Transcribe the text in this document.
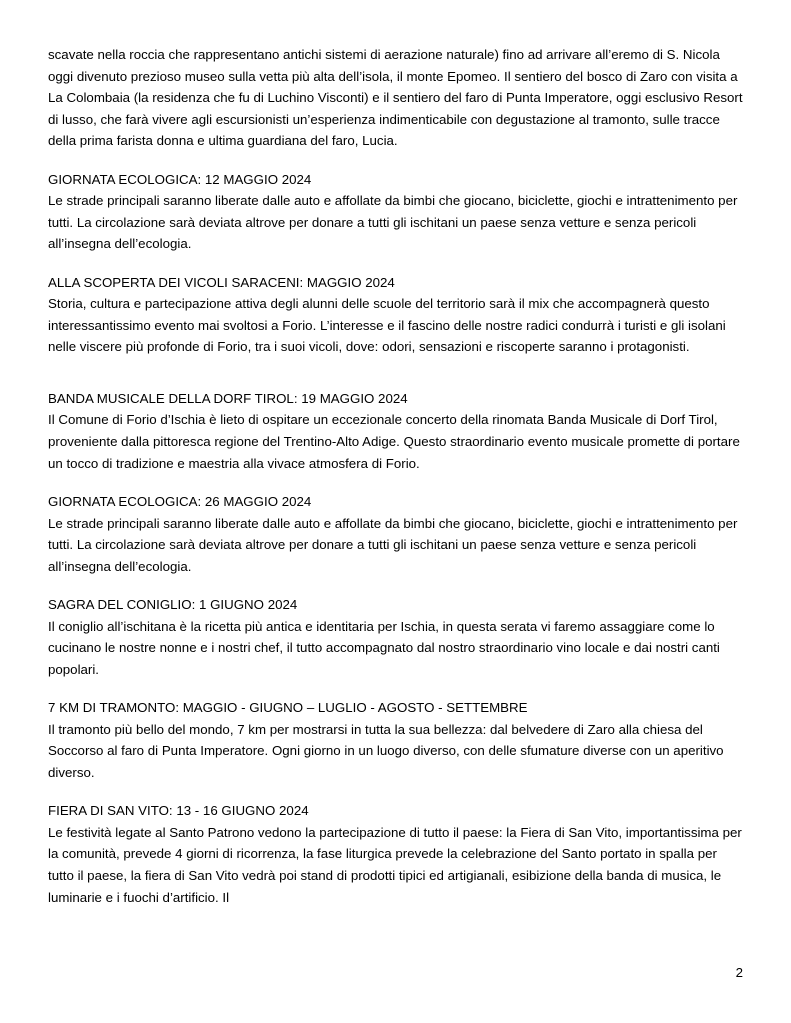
scavate nella roccia che rappresentano antichi sistemi di aerazione naturale) fino ad arrivare all’eremo di S. Nicola oggi divenuto prezioso museo sulla vetta più alta dell’isola, il monte Epomeo. Il sentiero del bosco di Zaro con visita a La Colombaia (la residenza che fu di Luchino Visconti) e il sentiero del faro di Punta Imperatore, oggi esclusivo Resort di lusso, che farà vivere agli escursionisti un’esperienza indimenticabile con degustazione al tramonto, sulle tracce della prima farista donna e ultima guardiana del faro, Lucia.

GIORNATA ECOLOGICA: 12 MAGGIO 2024

Le strade principali saranno liberate dalle auto e affollate da bimbi che giocano, biciclette, giochi e intrattenimento per tutti. La circolazione sarà deviata altrove per donare a tutti gli ischitani un paese senza vetture e senza pericoli all’insegna dell’ecologia.

ALLA SCOPERTA DEI VICOLI SARACENI: MAGGIO 2024

Storia, cultura e partecipazione attiva degli alunni delle scuole del territorio sarà il mix che accompagnerà questo interessantissimo evento mai svoltosi a Forio. L’interesse e il fascino delle nostre radici condurrà i turisti e gli isolani nelle viscere più profonde di Forio, tra i suoi vicoli, dove: odori, sensazioni e riscoperte saranno i protagonisti.

BANDA MUSICALE DELLA DORF TIROL: 19 MAGGIO 2024

Il Comune di Forio d’Ischia è lieto di ospitare un eccezionale concerto della rinomata Banda Musicale di Dorf Tirol, proveniente dalla pittoresca regione del Trentino-Alto Adige. Questo straordinario evento musicale promette di portare un tocco di tradizione e maestria alla vivace atmosfera di Forio.

GIORNATA ECOLOGICA: 26 MAGGIO 2024

Le strade principali saranno liberate dalle auto e affollate da bimbi che giocano, biciclette, giochi e intrattenimento per tutti. La circolazione sarà deviata altrove per donare a tutti gli ischitani un paese senza vetture e senza pericoli all’insegna dell’ecologia.

SAGRA DEL CONIGLIO: 1 GIUGNO 2024

Il coniglio all’ischitana è la ricetta più antica e identitaria per Ischia, in questa serata vi faremo assaggiare come lo cucinano le nostre nonne e i nostri chef, il tutto accompagnato dal nostro straordinario vino locale e dai nostri canti popolari.

7 KM DI TRAMONTO: MAGGIO - GIUGNO – LUGLIO - AGOSTO - SETTEMBRE

Il tramonto più bello del mondo, 7 km per mostrarsi in tutta la sua bellezza: dal belvedere di Zaro alla chiesa del Soccorso al faro di Punta Imperatore. Ogni giorno in un luogo diverso, con delle sfumature diverse con un aperitivo diverso.

FIERA DI SAN VITO: 13 - 16 GIUGNO 2024

Le festività legate al Santo Patrono vedono la partecipazione di tutto il paese: la Fiera di San Vito, importantissima per la comunità, prevede 4 giorni di ricorrenza, la fase liturgica prevede la celebrazione del Santo portato in spalla per tutto il paese, la fiera di San Vito vedrà poi stand di prodotti tipici ed artigianali, esibizione della banda di musica, le luminarie e i fuochi d’artificio. Il

2
